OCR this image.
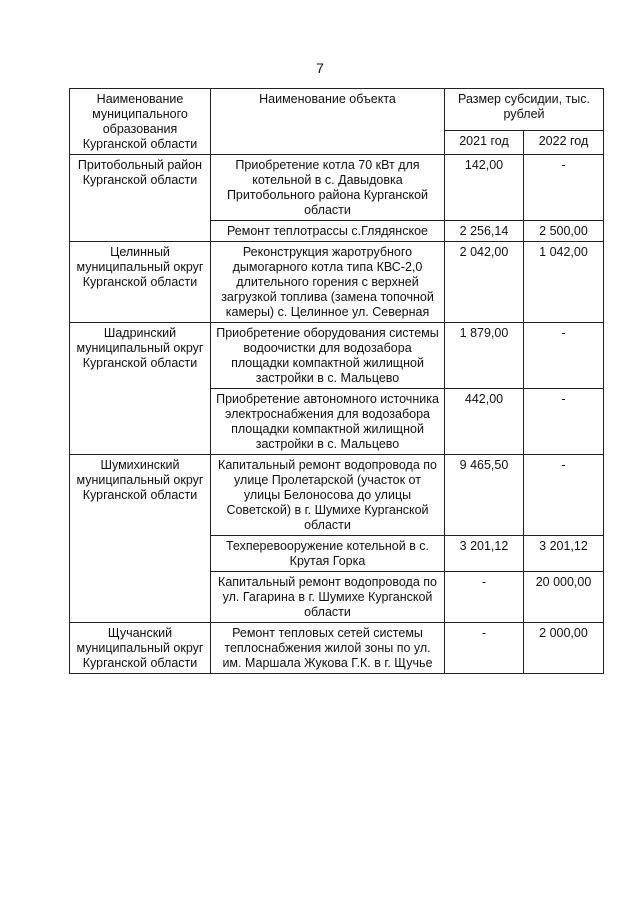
7
Наименование муниципального образования Курганской области	Наименование объекта	Размер субсидии, тыс. рублей	
		2021 год	2022 год
Притобольный район Курганской области	Приобретение котла 70 кВт для котельной в с. Давыдовка Притобольного района Курганской области	142,00	-
	Ремонт теплотрассы с.Глядянское	2 256,14	2 500,00
Целинный муниципальный округ Курганской области	Реконструкция жаротрубного дымогарного котла типа КВС-2,0 длительного горения с верхней загрузкой топлива (замена топочной камеры) с. Целинное ул. Северная	2 042,00	1 042,00
Шадринский муниципальный округ Курганской области	Приобретение оборудования системы водоочистки для водозабора площадки компактной жилищной застройки в с. Мальцево	1 879,00	-
	Приобретение автономного источника электроснабжения для водозабора площадки компактной жилищной застройки в с. Мальцево	442,00	-
Шумихинский муниципальный округ Курганской области	Капитальный ремонт водопровода по улице Пролетарской (участок от улицы Белоносова до улицы Советской) в г. Шумихе Курганской области	9 465,50	-
	Техперевооружение котельной в с. Крутая Горка	3 201,12	3 201,12
	Капитальный ремонт водопровода по ул. Гагарина в г. Шумихе Курганской области	-	20 000,00
Щучанский муниципальный округ Курганской области	Ремонт тепловых сетей системы теплоснабжения жилой зоны по ул. им. Маршала Жукова Г.К. в г. Щучье	-	2 000,00
